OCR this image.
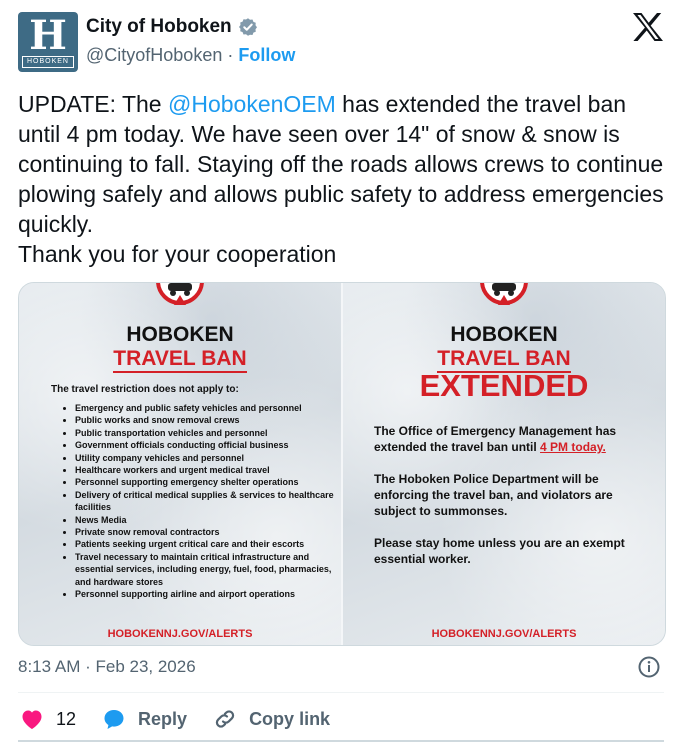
H
HOBOKEN
City of Hoboken
@CityofHoboken · Follow
UPDATE: The @HobokenOEM has extended the travel ban until 4 pm today. We have seen over 14" of snow & snow is continuing to fall. Staying off the roads allows crews to continue plowing safely and allows public safety to address emergencies quickly.
Thank you for your cooperation
HOBOKEN
TRAVEL BAN
The travel restriction does not apply to:
• Emergency and public safety vehicles and personnel
• Public works and snow removal crews
• Public transportation vehicles and personnel
• Government officials conducting official business
• Utility company vehicles and personnel
• Healthcare workers and urgent medical travel
• Personnel supporting emergency shelter operations
• Delivery of critical medical supplies & services to healthcare facilities
• News Media
• Private snow removal contractors
• Patients seeking urgent critical care and their escorts
• Travel necessary to maintain critical infrastructure and essential services, including energy, fuel, food, pharmacies, and hardware stores
• Personnel supporting airline and airport operations
HOBOKENNJ.GOV/ALERTS
HOBOKEN
TRAVEL BAN
EXTENDED

The Office of Emergency Management has extended the travel ban until 4 PM today.

The Hoboken Police Department will be enforcing the travel ban, and violators are subject to summonses.

Please stay home unless you are an exempt essential worker.

HOBOKENNJ.GOV/ALERTS
8:13 AM · Feb 23, 2026
12	Reply	Copy link
